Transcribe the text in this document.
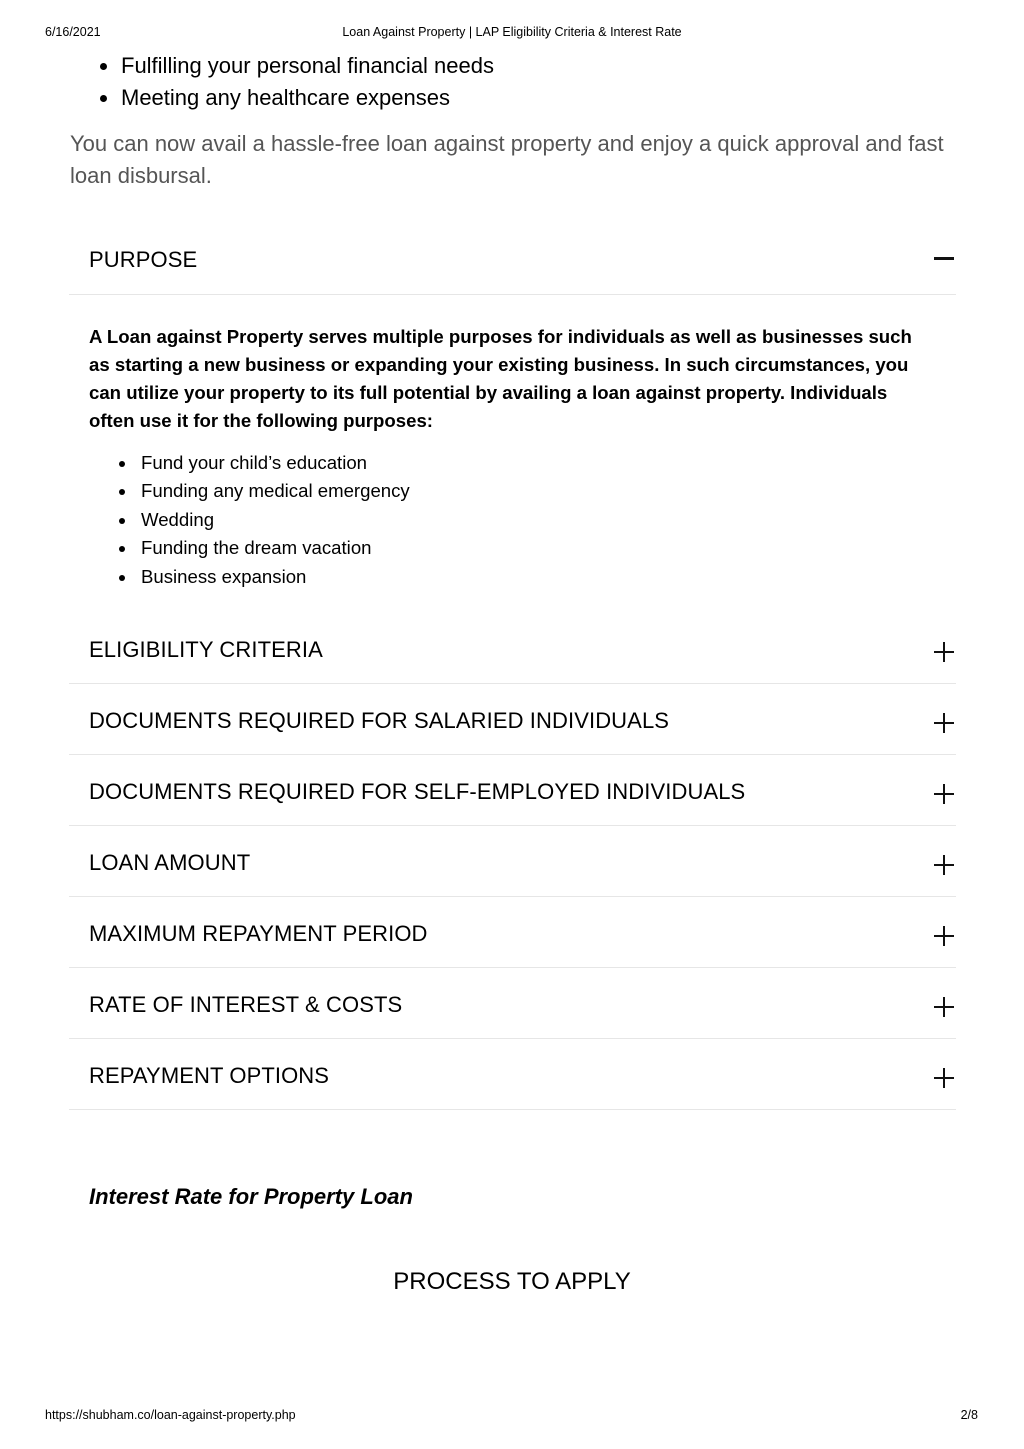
6/16/2021	Loan Against Property | LAP Eligibility Criteria & Interest Rate
Fulfilling your personal financial needs
Meeting any healthcare expenses

You can now avail a hassle-free loan against property and enjoy a quick approval and fast loan disbursal.

PURPOSE

A Loan against Property serves multiple purposes for individuals as well as businesses such as starting a new business or expanding your existing business. In such circumstances, you can utilize your property to its full potential by availing a loan against property. Individuals often use it for the following purposes:

Fund your child’s education
Funding any medical emergency
Wedding
Funding the dream vacation
Business expansion
ELIGIBILITY CRITERIA
DOCUMENTS REQUIRED FOR SALARIED INDIVIDUALS
DOCUMENTS REQUIRED FOR SELF-EMPLOYED INDIVIDUALS
LOAN AMOUNT
MAXIMUM REPAYMENT PERIOD
RATE OF INTEREST & COSTS
REPAYMENT OPTIONS
Interest Rate for Property Loan
PROCESS TO APPLY
https://shubham.co/loan-against-property.php	2/8
